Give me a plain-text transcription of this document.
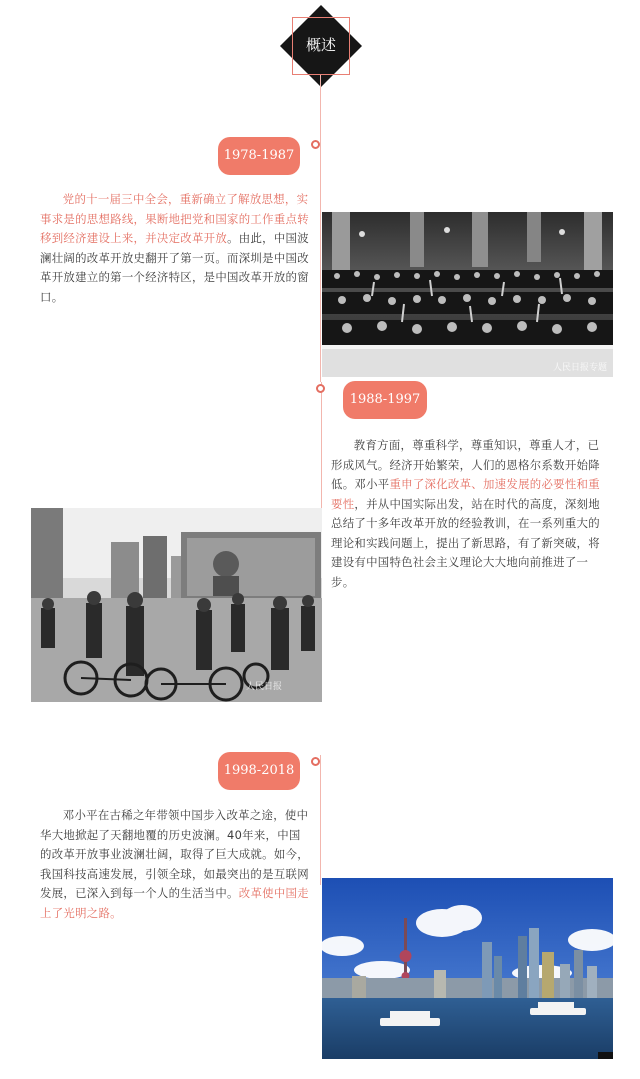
概述
1978-1987
党的十一届三中全会，重新确立了解放思想，实事求是的思想路线，果断地把党和国家的工作重点转移到经济建设上来，并决定改革开放。由此，中国波澜壮阔的改革开放史翻开了第一页。而深圳是中国改革开放建立的第一个经济特区，是中国改革开放的窗口。
人民日报专题
1988-1997
教育方面，尊重科学，尊重知识，尊重人才，已形成风气。经济开始繁荣，人们的恩格尔系数开始降低。邓小平重申了深化改革、加速发展的必要性和重要性，并从中国实际出发，站在时代的高度，深刻地总结了十多年改革开放的经验教训，在一系列重大的理论和实践问题上，提出了新思路，有了新突破，将建设有中国特色社会主义理论大大地向前推进了一步。
人民日报
1998-2018
邓小平在古稀之年带领中国步入改革之途，使中华大地掀起了天翻地覆的历史波澜。40年来，中国的改革开放事业波澜壮阔，取得了巨大成就。如今，我国科技高速发展，引领全球，如最突出的是互联网发展，已深入到每一个人的生活当中。改革使中国走上了光明之路。
